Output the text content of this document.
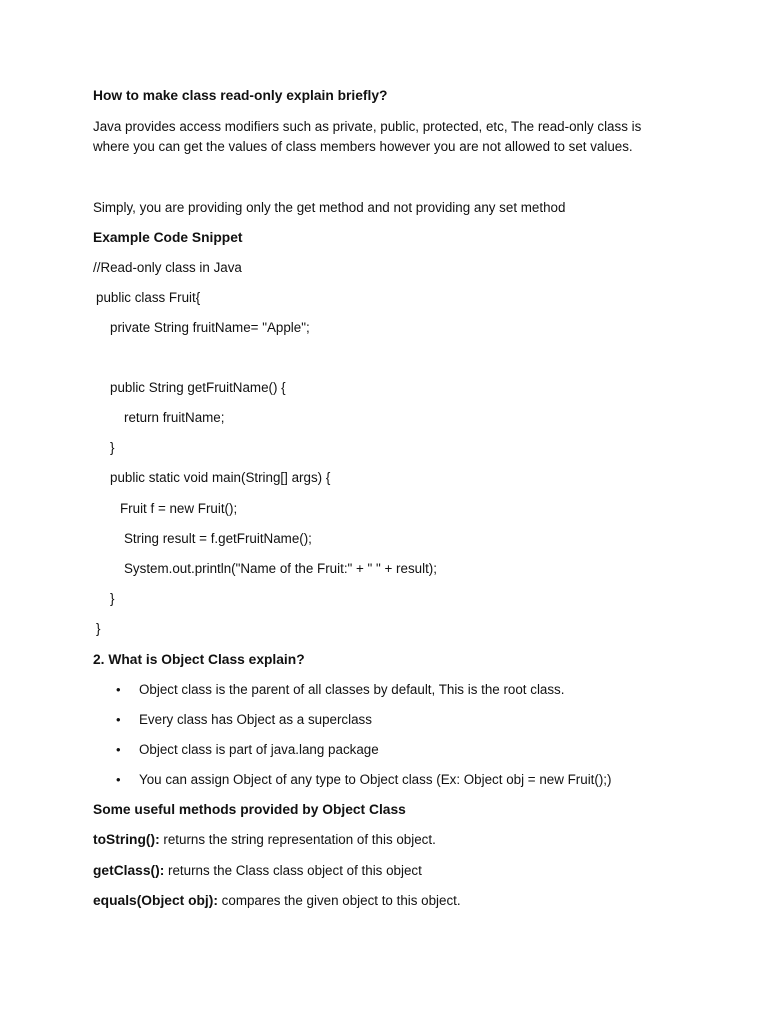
How to make class read-only explain briefly?
Java provides access modifiers such as private, public, protected, etc, The read-only class is where you can get the values of class members however you are not allowed to set values.
Simply, you are providing only the get method and not providing any set method
Example Code Snippet
//Read-only class in Java
public class Fruit{
private String fruitName= "Apple";
public String getFruitName() {
return fruitName;
}
public static void main(String[] args) {
Fruit f = new Fruit();
String result = f.getFruitName();
System.out.println("Name of the Fruit:" + " " + result);
}
}
2. What is Object Class explain?
• Object class is the parent of all classes by default, This is the root class.
• Every class has Object as a superclass
• Object class is part of java.lang package
• You can assign Object of any type to Object class (Ex: Object obj = new Fruit();)
Some useful methods provided by Object Class
toString(): returns the string representation of this object.
getClass(): returns the Class class object of this object
equals(Object obj): compares the given object to this object.
